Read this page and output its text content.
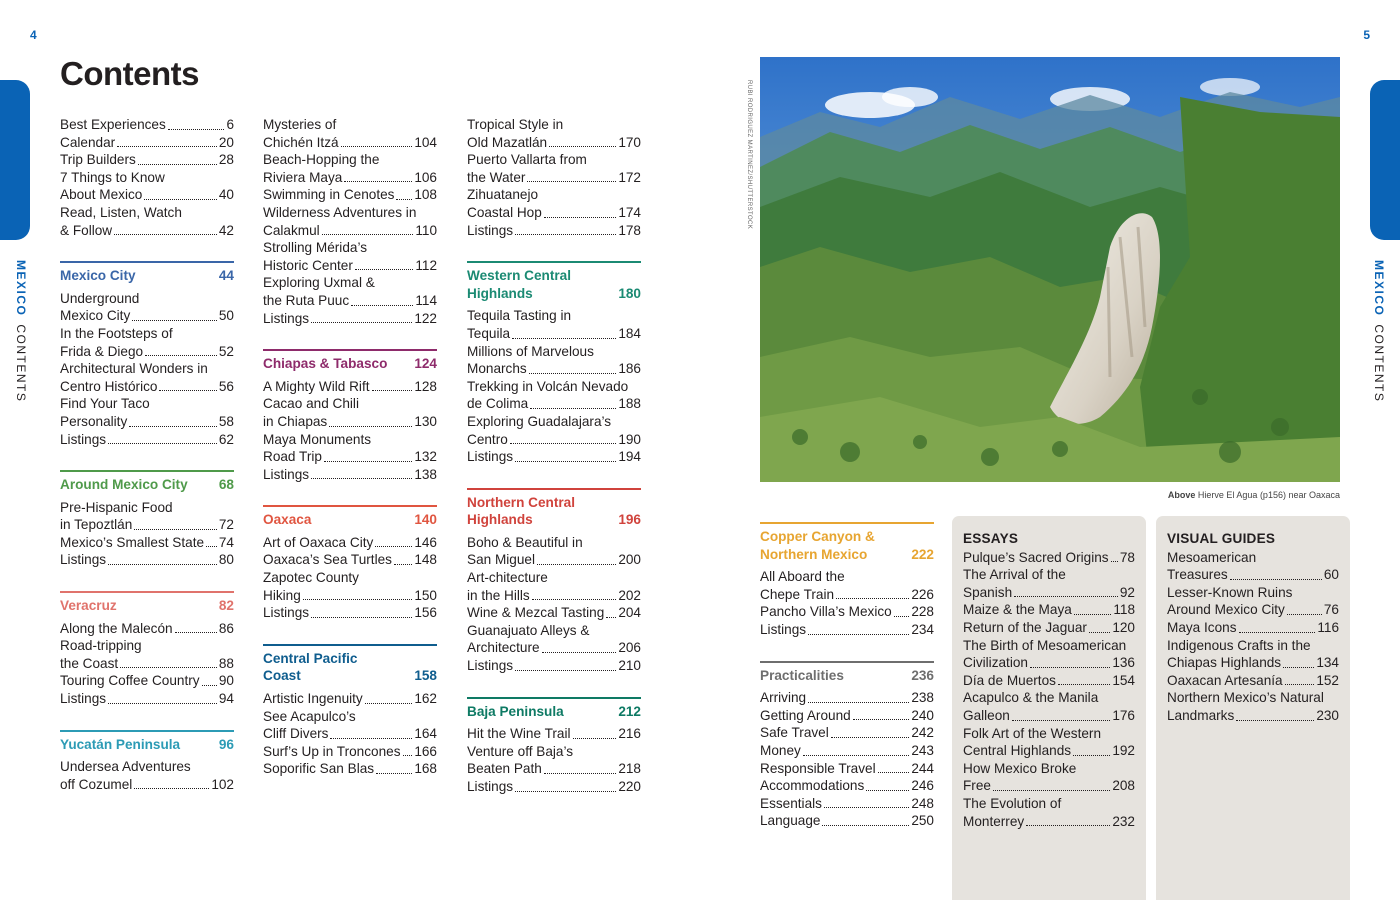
4	5
MEXICOCONTENTS
MEXICOCONTENTS
Contents
Best Experiences	6
Calendar	20
Trip Builders	28
7 Things to Know
About Mexico	40
Read, Listen, Watch
& Follow	42
Mexico City	44
Underground
Mexico City	50
In the Footsteps of
Frida & Diego	52
Architectural Wonders in
Centro Histórico	56
Find Your Taco
Personality	58
Listings	62
Around Mexico City 68
Pre-Hispanic Food
in Tepoztlán	72
Mexico’s Smallest State 74
Listings	80
Veracruz	82
Along the Malecón	86
Road-tripping
the Coast	88
Touring Coffee Country 90
Listings	94
Yucatán Peninsula	96
Undersea Adventures
off Cozumel	102
Mysteries of
Chichén Itzá	104
Beach-Hopping the
Riviera Maya	106
Swimming in Cenotes 108
Wilderness Adventures in
Calakmul	110
Strolling Mérida’s
Historic Center	112
Exploring Uxmal &
the Ruta Puuc	114
Listings	122
Chiapas & Tabasco 124
A Mighty Wild Rift	128
Cacao and Chili
in Chiapas	130
Maya Monuments
Road Trip	132
Listings	138
Oaxaca	140
Art of Oaxaca City	146
Oaxaca’s Sea Turtles 148
Zapotec County
Hiking	150
Listings	156
Central Pacific
Coast	158
Artistic Ingenuity	162
See Acapulco’s
Cliff Divers	164
Surf’s Up in Troncones 166
Soporific San Blas	168
Tropical Style in
Old Mazatlán	170
Puerto Vallarta from
the Water	172
Zihuatanejo
Coastal Hop	174
Listings	178
Western Central
Highlands	180
Tequila Tasting in
Tequila	184
Millions of Marvelous
Monarchs	186
Trekking in Volcán Nevado
de Colima	188
Exploring Guadalajara’s
Centro	190
Listings	194
Northern Central
Highlands	196
Boho & Beautiful in
San Miguel	200
Art-chitecture
in the Hills	202
Wine & Mezcal Tasting 204
Guanajuato Alleys &
Architecture	206
Listings	210
Baja Peninsula	212
Hit the Wine Trail	216
Venture off Baja’s
Beaten Path	218
Listings	220
Copper Canyon &
Northern Mexico	222
All Aboard the
Chepe Train	226
Pancho Villa’s Mexico 228
Listings	234
Practicalities	236
Arriving	238
Getting Around	240
Safe Travel	242
Money	243
Responsible Travel	244
Accommodations	246
Essentials	248
Language	250
RUBI RODRIGUEZ MARTINEZ/SHUTTERSTOCK
Above Hierve El Agua (p156) near Oaxaca
ESSAYS
Pulque’s Sacred Origins 78
The Arrival of the
Spanish	92
Maize & the Maya	118
Return of the Jaguar 120
The Birth of Mesoamerican
Civilization	136
Día de Muertos	154
Acapulco & the Manila
Galleon	176
Folk Art of the Western
Central Highlands	192
How Mexico Broke
Free	208
The Evolution of
Monterrey	232
VISUAL GUIDES
Mesoamerican
Treasures	60
Lesser-Known Ruins
Around Mexico City	76
Maya Icons	116
Indigenous Crafts in the
Chiapas Highlands	134
Oaxacan Artesanía 152
Northern Mexico’s Natural
Landmarks	230
